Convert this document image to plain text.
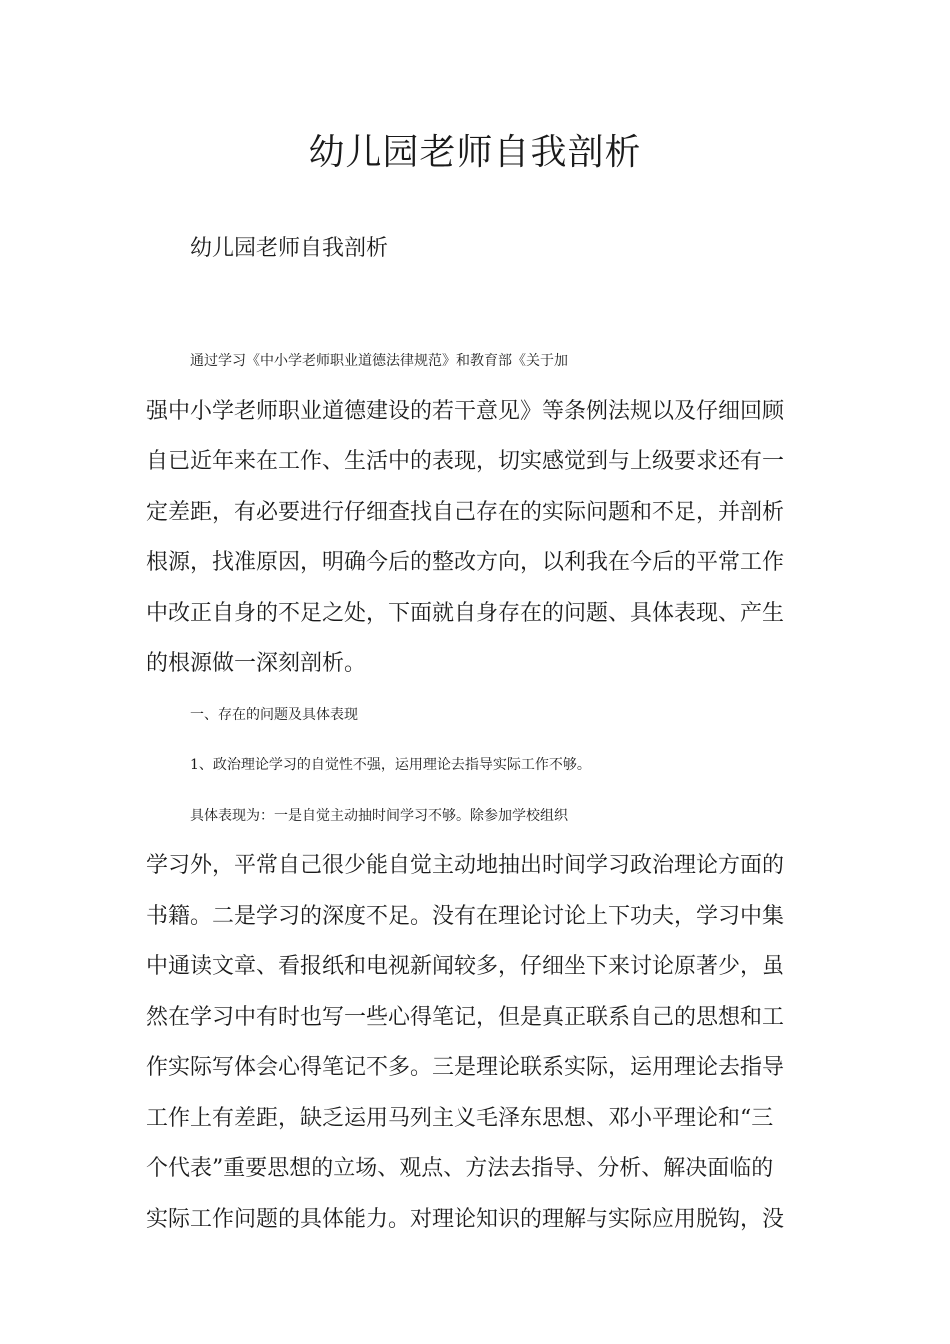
幼儿园老师自我剖析

幼儿园老师自我剖析

通过学习《中小学老师职业道德法律规范》和教育部《关于加
强中小学老师职业道德建设的若干意见》等条例法规以及仔细回顾
自已近年来在工作、生活中的表现，切实感觉到与上级要求还有一
定差距，有必要进行仔细查找自己存在的实际问题和不足，并剖析
根源，找准原因，明确今后的整改方向，以利我在今后的平常工作
中改正自身的不足之处，下面就自身存在的问题、具体表现、产生
的根源做一深刻剖析。
一、存在的问题及具体表现
1、政治理论学习的自觉性不强，运用理论去指导实际工作不够。
具体表现为：一是自觉主动抽时间学习不够。除参加学校组织
学习外，平常自己很少能自觉主动地抽出时间学习政治理论方面的
书籍。二是学习的深度不足。没有在理论讨论上下功夫，学习中集
中通读文章、看报纸和电视新闻较多，仔细坐下来讨论原著少，虽
然在学习中有时也写一些心得笔记，但是真正联系自己的思想和工
作实际写体会心得笔记不多。三是理论联系实际，运用理论去指导
工作上有差距，缺乏运用马列主义毛泽东思想、邓小平理论和“三
个代表”重要思想的立场、观点、方法去指导、分析、解决面临的
实际工作问题的具体能力。对理论知识的理解与实际应用脱钩，没
